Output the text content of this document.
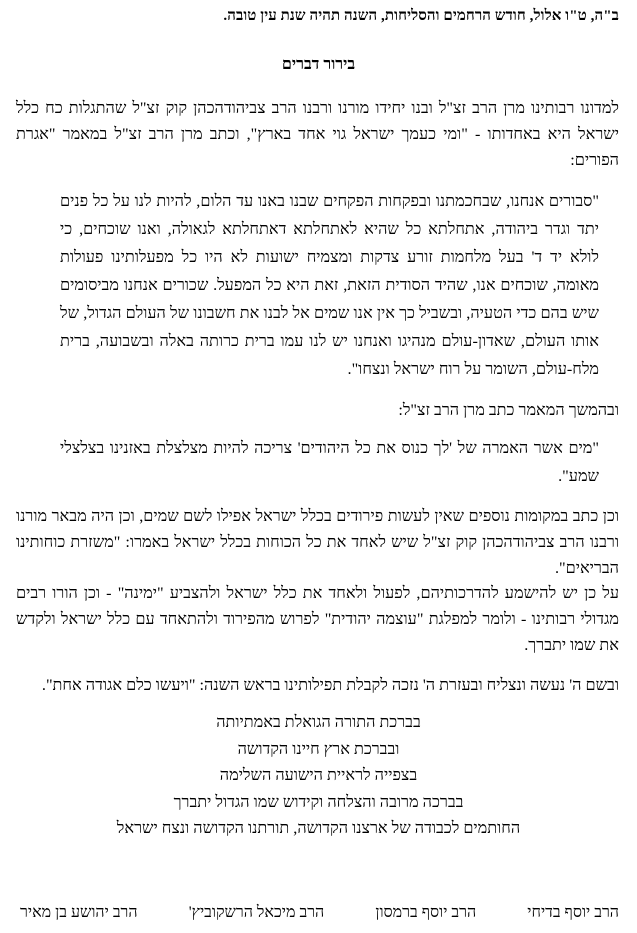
ב"ה, ט"ו אלול, חודש הרחמים והסליחות, השנה תהיה שנת עין טובה.
בירור דברים
למדונו רבותינו מרן הרב זצ"ל ובנו יחידו מורנו ורבנו הרב צביהודהכהן קוק זצ"ל שהתגלות כח כלל ישראל היא באחדותו - "ומי כעמך ישראל גוי אחד בארץ", וכתב מרן הרב זצ"ל במאמר "אגרת הפורים:
"סבורים אנחנו, שבחכמתנו ובפקחות הפקחים שבנו באנו עד הלום, להיות לנו על כל פנים יתד וגדר ביהודה, אתחלתא כל שהיא לאתחלתא דאתחלתא לגאולה, ואנו שוכחים, כי לולא יד ד' בעל מלחמות זורע צדקות ומצמיח ישועות לא היו כל מפעלותינו פעולות מאומה, שוכחים אנו, שהיד הסודית הזאת, זאת היא כל המפעל. שכורים אנחנו מביסומים שיש בהם כדי הטעיה, ובשביל כך אין אנו שמים אל לבנו את חשבונו של העולם הגדול, של אותו העולם, שאדון-עולם מנהיגו ואנחנו יש לנו עמו ברית כרותה באלה ובשבועה, ברית מלח-עולם, השומר על רוח ישראל ונצחו".
ובהמשך המאמר כתב מרן הרב זצ"ל:
"מים אשר האמרה של 'לך כנוס את כל היהודים' צריכה להיות מצלצלת באזנינו בצלצלי שמע".
וכן כתב במקומות נוספים שאין לעשות פירודים בכלל ישראל אפילו לשם שמים, וכן היה מבאר מורנו ורבנו הרב צביהודהכהן קוק זצ"ל שיש לאחד את כל הכוחות בכלל ישראל באמרו: "משזרת כוחותינו הבריאים".
על כן יש להישמע להדרכותיהם, לפעול ולאחד את כלל ישראל ולהצביע "ימינה" - וכן הורו רבים מגדולי רבותינו - ולומר למפלגת "עוצמה יהודית" לפרוש מהפירוד ולהתאחד עם כלל ישראל ולקדש את שמו יתברך.
ובשם ה' נעשה ונצליח ובעזרת ה' נזכה לקבלת תפילותינו בראש השנה: "ויעשו כלם אגודה אחת".
בברכת התורה הגואלת באמתיותה
ובברכת ארץ חיינו הקדושה
בצפייה לראיית הישועה השלימה
בברכה מרובה והצלחה וקידוש שמו הגדול יתברך
החותמים לכבודה של ארצנו הקדושה, תורתנו הקדושה ונצח ישראל
הרב יוסף בדיחי
הרב יוסף ברמסון
הרב מיכאל הרשקוביץ'
הרב יהושע בן מאיר
